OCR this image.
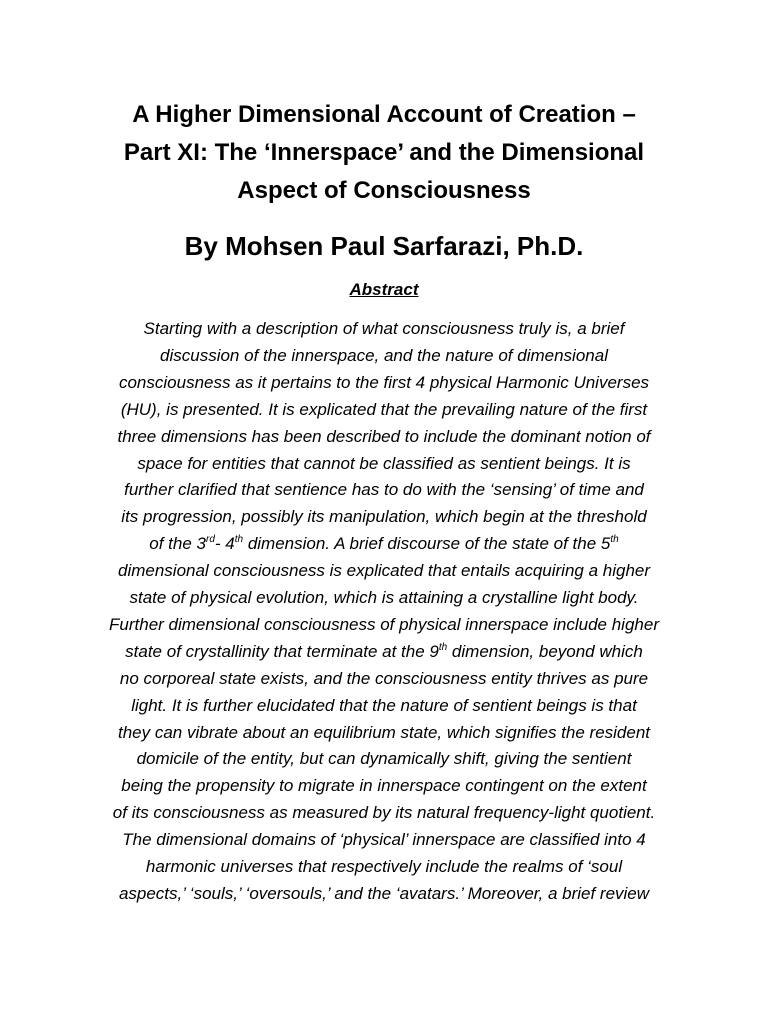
A Higher Dimensional Account of Creation –
Part XI: The ‘Innerspace’ and the Dimensional
Aspect of Consciousness
By Mohsen Paul Sarfarazi, Ph.D.
Abstract
Starting with a description of what consciousness truly is, a brief
discussion of the innerspace, and the nature of dimensional
consciousness as it pertains to the first 4 physical Harmonic Universes
(HU), is presented. It is explicated that the prevailing nature of the first
three dimensions has been described to include the dominant notion of
space for entities that cannot be classified as sentient beings. It is
further clarified that sentience has to do with the ‘sensing’ of time and
its progression, possibly its manipulation, which begin at the threshold
of the 3rd- 4th dimension. A brief discourse of the state of the 5th
dimensional consciousness is explicated that entails acquiring a higher
state of physical evolution, which is attaining a crystalline light body.
Further dimensional consciousness of physical innerspace include higher
state of crystallinity that terminate at the 9th dimension, beyond which
no corporeal state exists, and the consciousness entity thrives as pure
light. It is further elucidated that the nature of sentient beings is that
they can vibrate about an equilibrium state, which signifies the resident
domicile of the entity, but can dynamically shift, giving the sentient
being the propensity to migrate in innerspace contingent on the extent
of its consciousness as measured by its natural frequency-light quotient.
The dimensional domains of ‘physical’ innerspace are classified into 4
harmonic universes that respectively include the realms of ‘soul
aspects,’ ‘souls,’ ‘oversouls,’ and the ‘avatars.’ Moreover, a brief review
